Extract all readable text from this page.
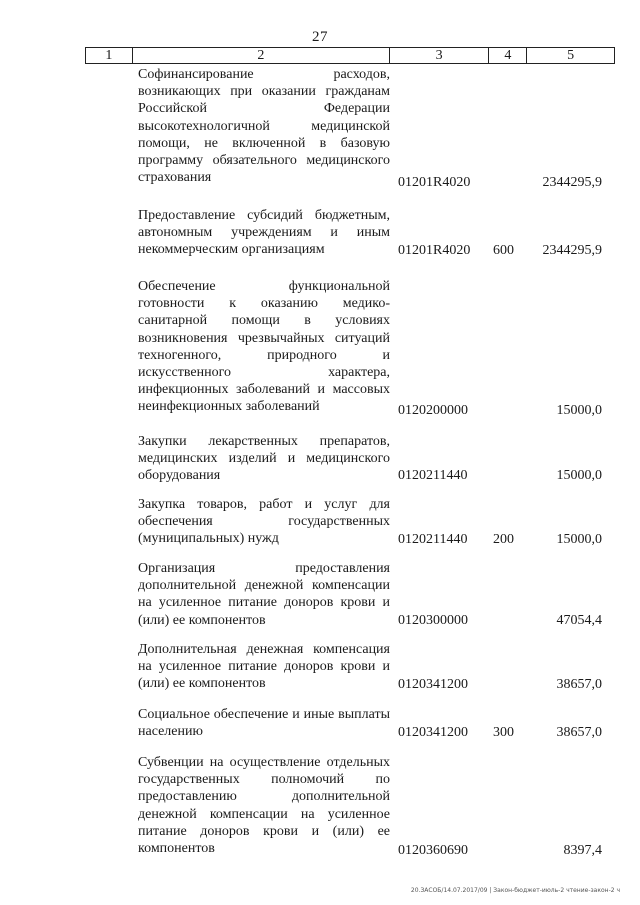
27
1	2	3	4	5
Софинансирование расходов, возникающих при оказании гражданам Российской Федерации высокотехнологичной медицинской помощи, не включенной в базовую программу обязательного медицинского страхования	01201R4020	2344295,9
Предоставление субсидий бюджетным, автономным учреждениям и иным некоммерческим организациям	01201R4020	600	2344295,9
Обеспечение функциональной готовности к оказанию медико-санитарной помощи в условиях возникновения чрезвычайных ситуаций техногенного, природного и искусственного характера, инфекционных заболеваний и массовых неинфекционных заболеваний	0120200000	15000,0
Закупки лекарственных препаратов, медицинских изделий и медицинского оборудования	0120211440	15000,0
Закупка товаров, работ и услуг для обеспечения государственных (муниципальных) нужд	0120211440	200	15000,0
Организация предоставления дополнительной денежной компенсации на усиленное питание доноров крови и (или) ее компонентов	0120300000	47054,4
Дополнительная денежная компенсация на усиленное питание доноров крови и (или) ее компонентов	0120341200	38657,0
Социальное обеспечение и иные выплаты населению	0120341200	300	38657,0
Субвенции на осуществление отдельных государственных полномочий по предоставлению дополнительной денежной компенсации на усиленное питание доноров крови и (или) ее компонентов	0120360690	8397,4
20.ЗАСОБ/14.07.2017/09 | Закон-бюджет-июль-2 чтение-закон-2 ч
